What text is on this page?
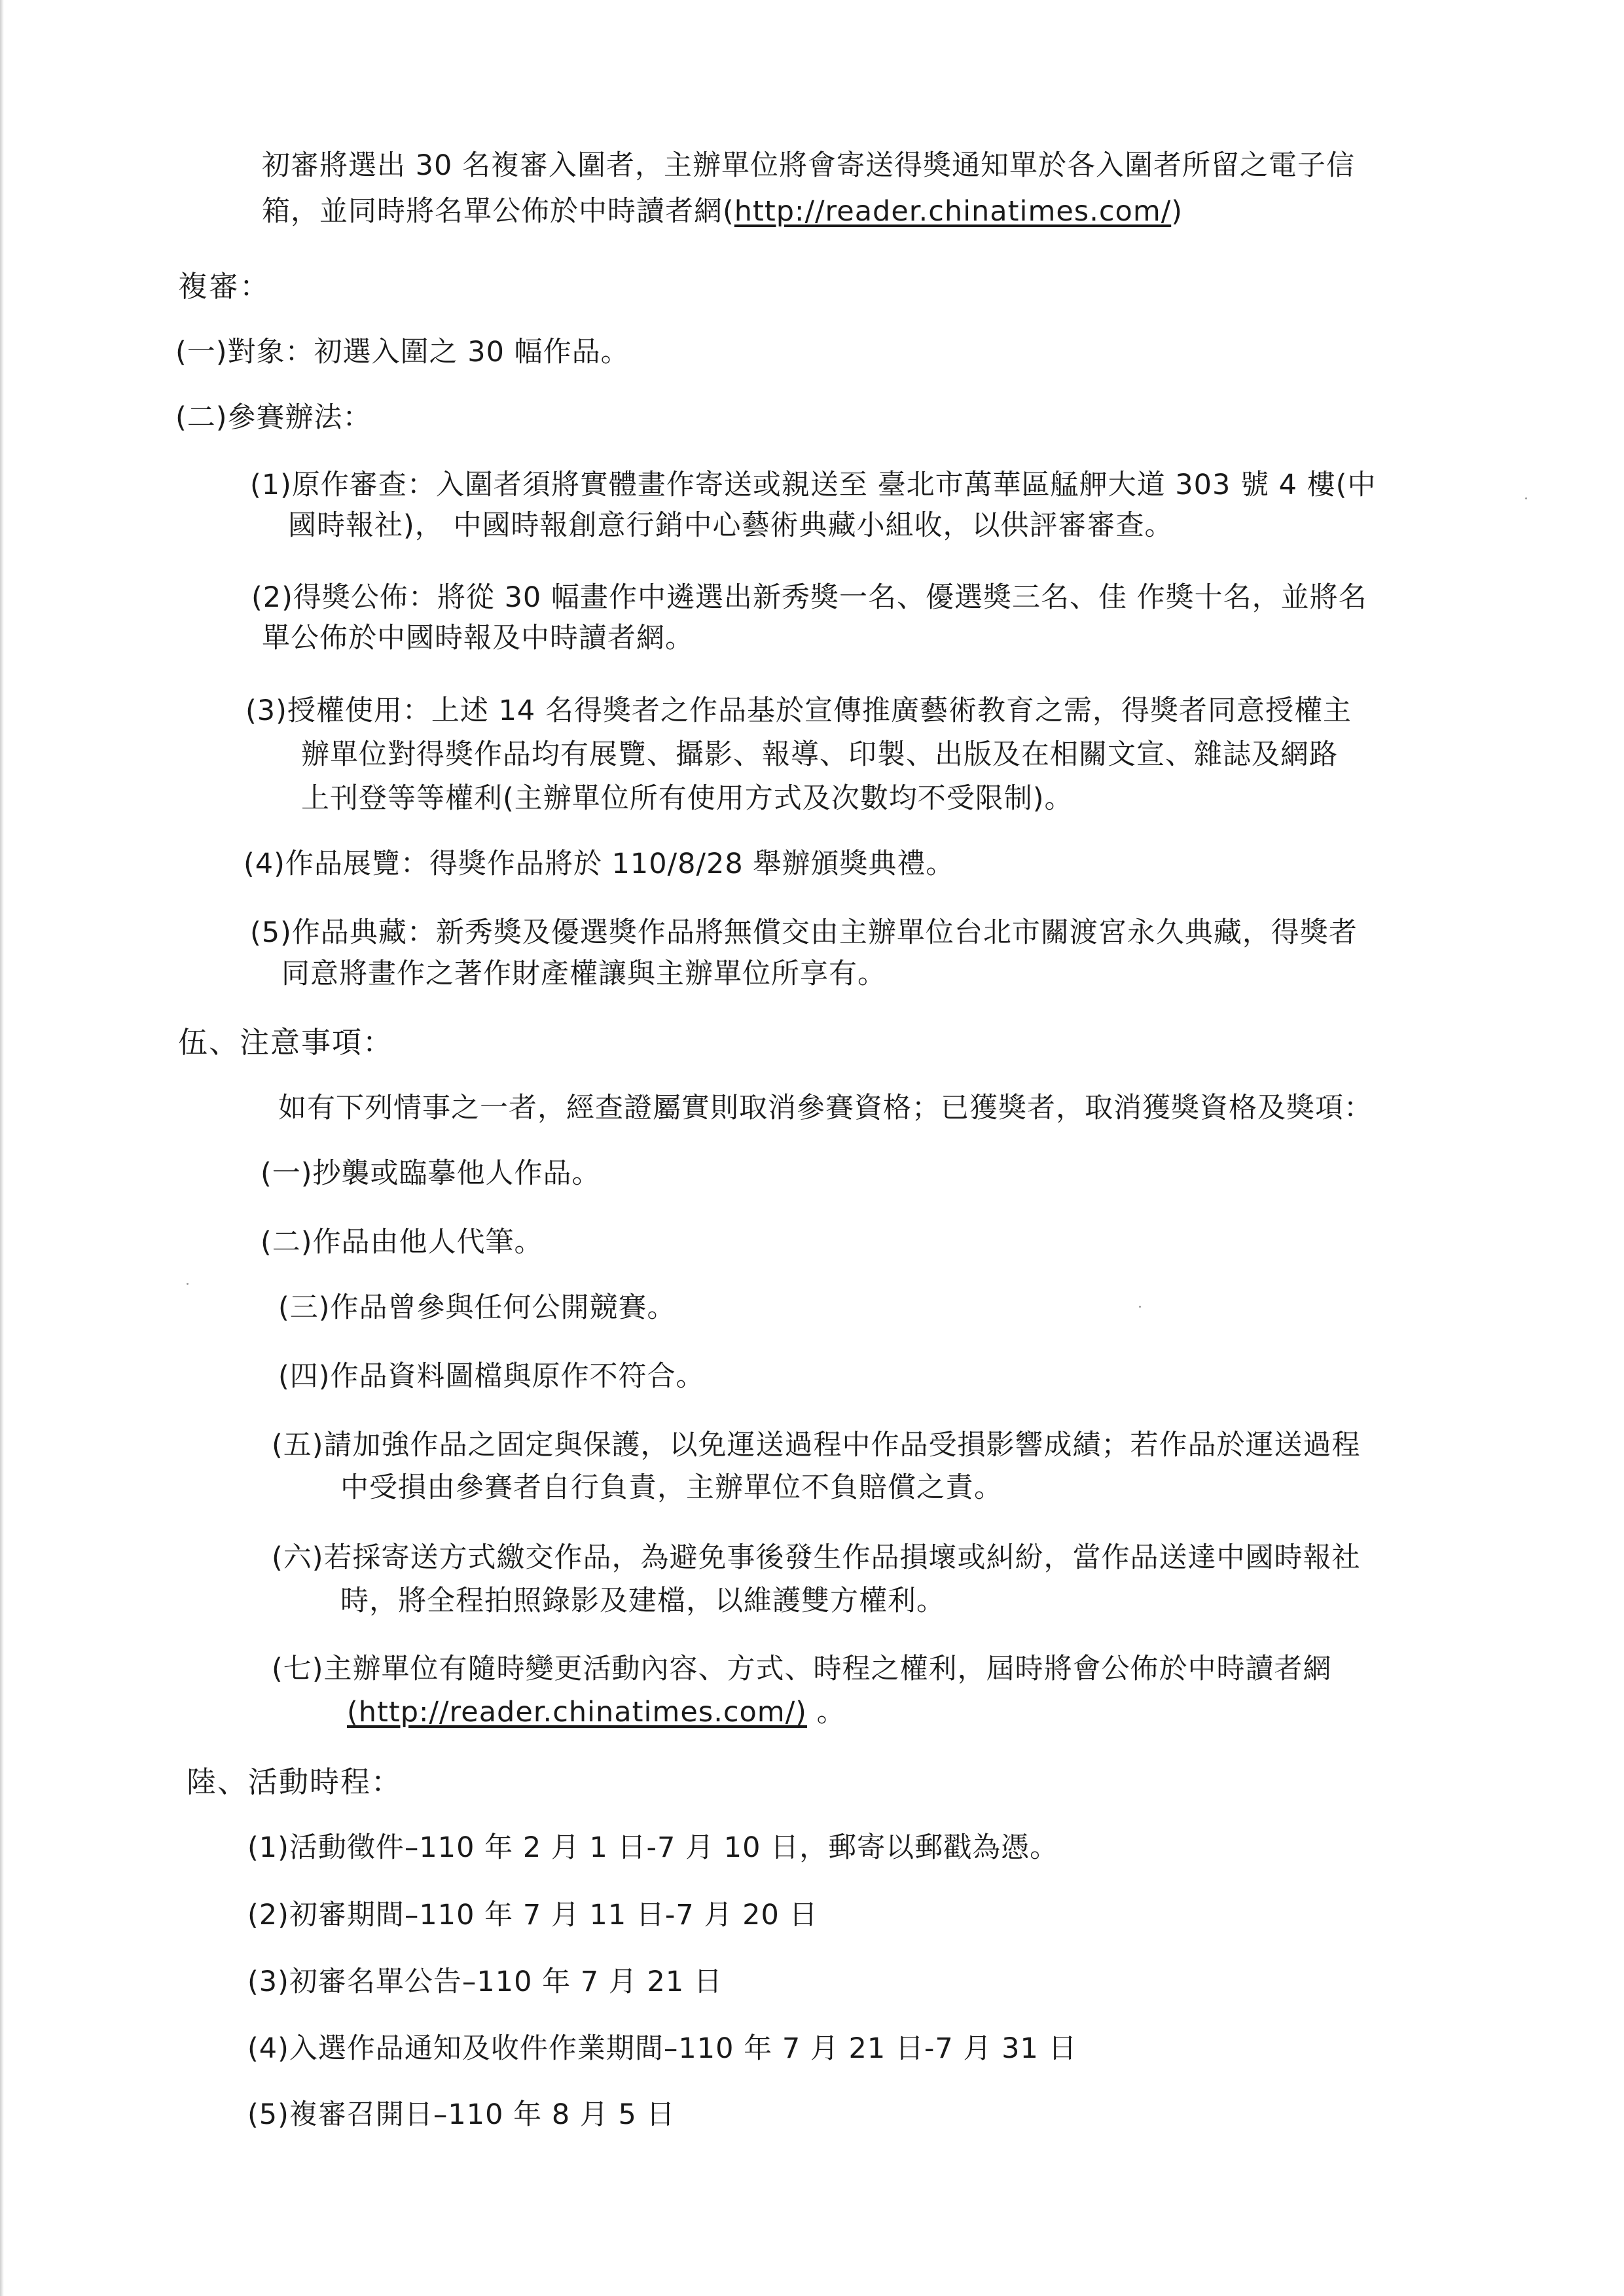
初審將選出 30 名複審入圍者，主辦單位將會寄送得獎通知單於各入圍者所留之電子信
箱，並同時將名單公佈於中時讀者網(http://reader.chinatimes.com/)
複審：
(一)對象：初選入圍之 30 幅作品。
(二)參賽辦法：
(1)原作審查：入圍者須將實體畫作寄送或親送至 臺北市萬華區艋舺大道 303 號 4 樓(中
國時報社)， 中國時報創意行銷中心藝術典藏小組收，以供評審審查。
(2)得獎公佈：將從 30 幅畫作中遴選出新秀獎一名、優選獎三名、佳 作獎十名，並將名
單公佈於中國時報及中時讀者網。
(3)授權使用：上述 14 名得獎者之作品基於宣傳推廣藝術教育之需，得獎者同意授權主
辦單位對得獎作品均有展覽、攝影、報導、印製、出版及在相關文宣、雜誌及網路
上刊登等等權利(主辦單位所有使用方式及次數均不受限制)。
(4)作品展覽：得獎作品將於 110/8/28 舉辦頒獎典禮。
(5)作品典藏：新秀獎及優選獎作品將無償交由主辦單位台北市關渡宮永久典藏，得獎者
同意將畫作之著作財產權讓與主辦單位所享有。
伍、注意事項：
如有下列情事之一者，經查證屬實則取消參賽資格；已獲獎者，取消獲獎資格及獎項：
(一)抄襲或臨摹他人作品。
(二)作品由他人代筆。
(三)作品曾參與任何公開競賽。
(四)作品資料圖檔與原作不符合。
(五)請加強作品之固定與保護，以免運送過程中作品受損影響成績；若作品於運送過程
中受損由參賽者自行負責，主辦單位不負賠償之責。
(六)若採寄送方式繳交作品，為避免事後發生作品損壞或糾紛，當作品送達中國時報社
時，將全程拍照錄影及建檔，以維護雙方權利。
(七)主辦單位有隨時變更活動內容、方式、時程之權利，屆時將會公佈於中時讀者網
(http://reader.chinatimes.com/) 。
陸、活動時程：
(1)活動徵件–110 年 2 月 1 日-7 月 10 日，郵寄以郵戳為憑。
(2)初審期間–110 年 7 月 11 日-7 月 20 日
(3)初審名單公告–110 年 7 月 21 日
(4)入選作品通知及收件作業期間–110 年 7 月 21 日-7 月 31 日
(5)複審召開日–110 年 8 月 5 日
